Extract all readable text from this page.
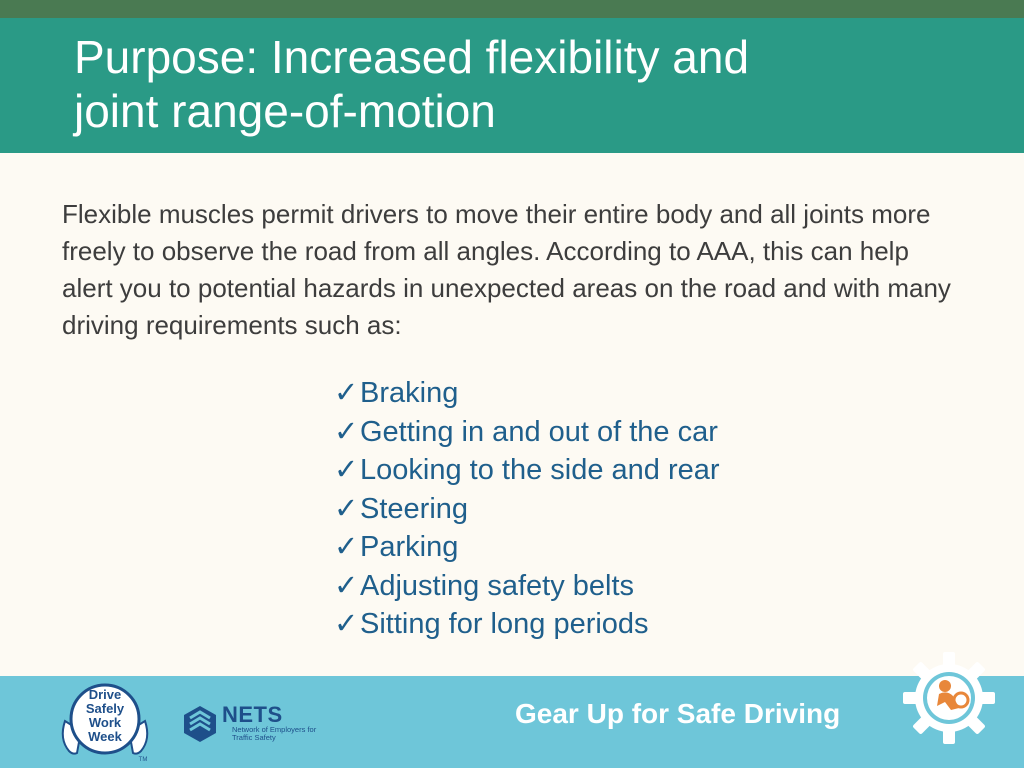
Purpose: Increased flexibility and
joint range-of-motion
Flexible muscles permit drivers to move their entire body and all joints more freely to observe the road from all angles. According to AAA, this can help alert you to potential hazards in unexpected areas on the road and with many driving requirements such as:
✓Braking
✓Getting in and out of the car
✓Looking to the side and rear
✓Steering
✓Parking
✓Adjusting safety belts
✓Sitting for long periods
Drive
Safely
Work
Week
TM
NETS
Network of Employers for Traffic Safety
Gear Up for Safe Driving
